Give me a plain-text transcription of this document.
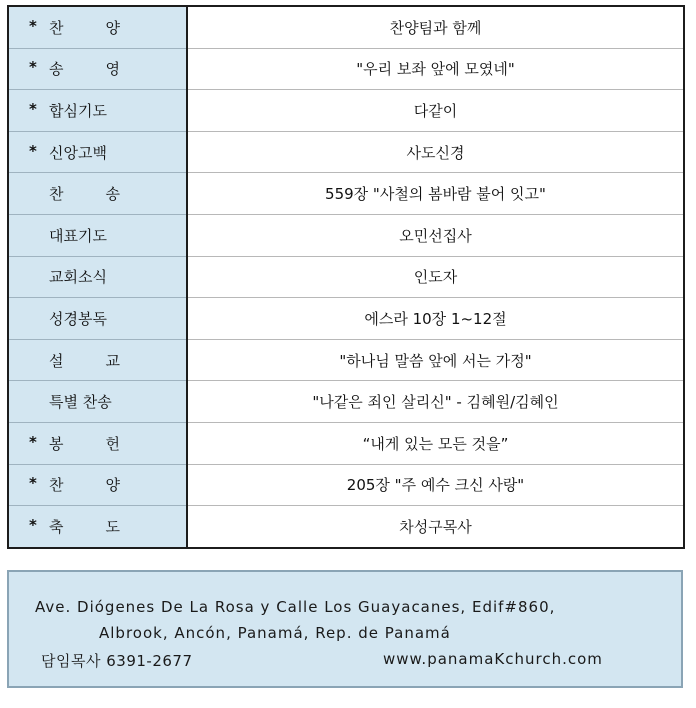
* 찬양	찬양팀과 함께

* 송영	"우리 보좌 앞에 모였네"

* 합심기도	다같이

* 신앙고백	사도신경

찬송	559장 "사철의 봄바람 불어 잇고"

대표기도	오민선집사

교회소식	인도자

성경봉독	에스라 10장 1~12절

설교	"하나님 말씀 앞에 서는 가정"

특별 찬송	"나같은 죄인 살리신" - 김혜원/김혜인

* 봉헌	“내게 있는 모든 것을”

* 찬양	205장 "주 예수 크신 사랑"

* 축도	차성구목사
Ave. Diógenes De La Rosa y Calle Los Guayacanes, Edif#860,
Albrook, Ancón, Panamá, Rep. de Panamá
담임목사 6391-2677	www.panamaKchurch.com
